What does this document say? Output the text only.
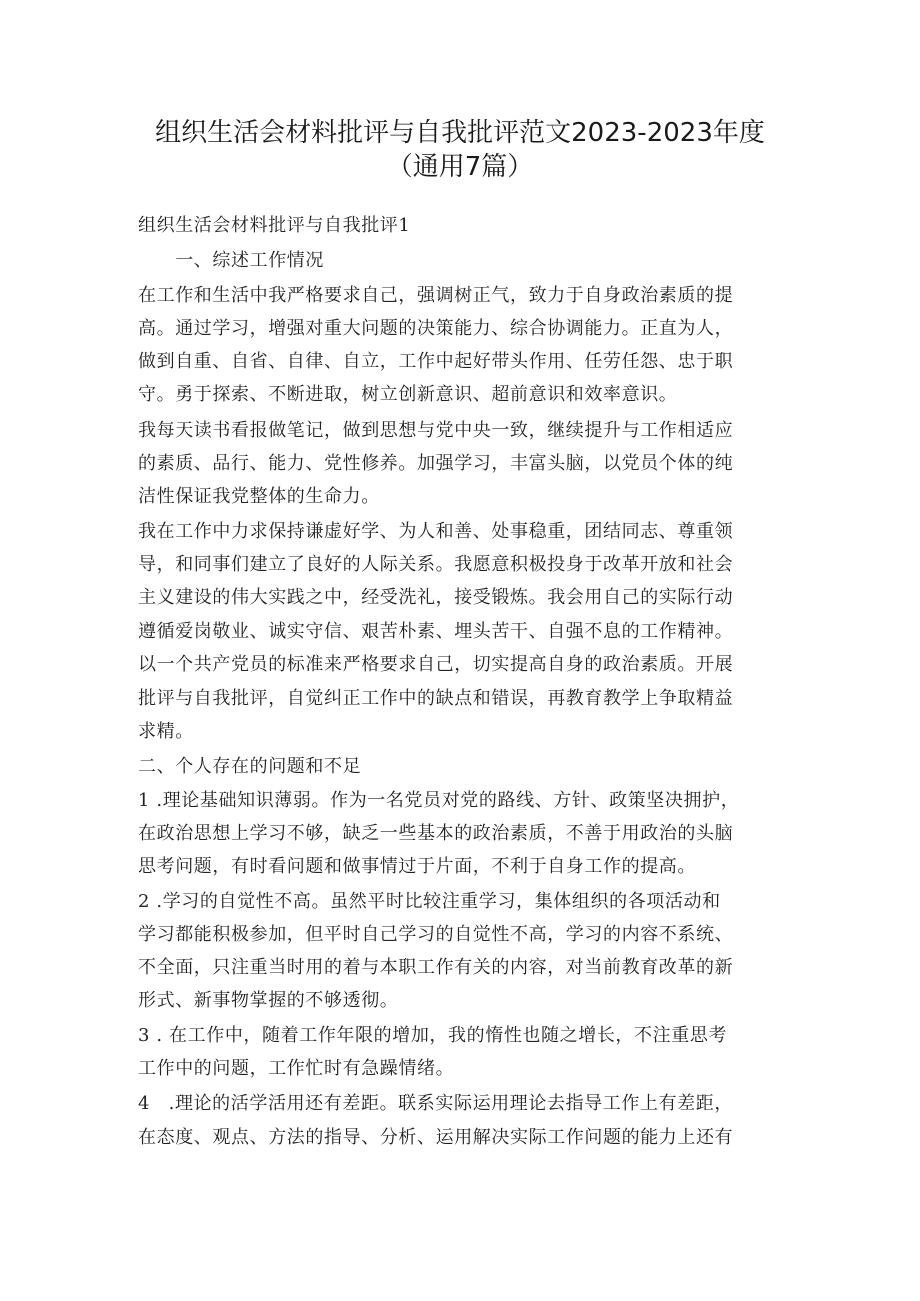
组织生活会材料批评与自我批评范文2023-2023年度
（通用7篇）
组织生活会材料批评与自我批评1
　　一、综述工作情况
在工作和生活中我严格要求自己，强调树正气，致力于自身政治素质的提
高。通过学习，增强对重大问题的决策能力、综合协调能力。正直为人，
做到自重、自省、自律、自立，工作中起好带头作用、任劳任怨、忠于职
守。勇于探索、不断进取，树立创新意识、超前意识和效率意识。
我每天读书看报做笔记，做到思想与党中央一致，继续提升与工作相适应
的素质、品行、能力、党性修养。加强学习，丰富头脑，以党员个体的纯
洁性保证我党整体的生命力。
我在工作中力求保持谦虚好学、为人和善、处事稳重，团结同志、尊重领
导，和同事们建立了良好的人际关系。我愿意积极投身于改革开放和社会
主义建设的伟大实践之中，经受洗礼，接受锻炼。我会用自己的实际行动
遵循爱岗敬业、诚实守信、艰苦朴素、埋头苦干、自强不息的工作精神。
以一个共产党员的标准来严格要求自己，切实提高自身的政治素质。开展
批评与自我批评，自觉纠正工作中的缺点和错误，再教育教学上争取精益
求精。
二、个人存在的问题和不足
1 .理论基础知识薄弱。作为一名党员对党的路线、方针、政策坚决拥护，
在政治思想上学习不够，缺乏一些基本的政治素质，不善于用政治的头脑
思考问题，有时看问题和做事情过于片面，不利于自身工作的提高。
2 .学习的自觉性不高。虽然平时比较注重学习，集体组织的各项活动和
学习都能积极参加，但平时自己学习的自觉性不高，学习的内容不系统、
不全面，只注重当时用的着与本职工作有关的内容，对当前教育改革的新
形式、新事物掌握的不够透彻。
3 . 在工作中，随着工作年限的增加，我的惰性也随之增长，不注重思考
工作中的问题，工作忙时有急躁情绪。
4　.理论的活学活用还有差距。联系实际运用理论去指导工作上有差距，
在态度、观点、方法的指导、分析、运用解决实际工作问题的能力上还有
